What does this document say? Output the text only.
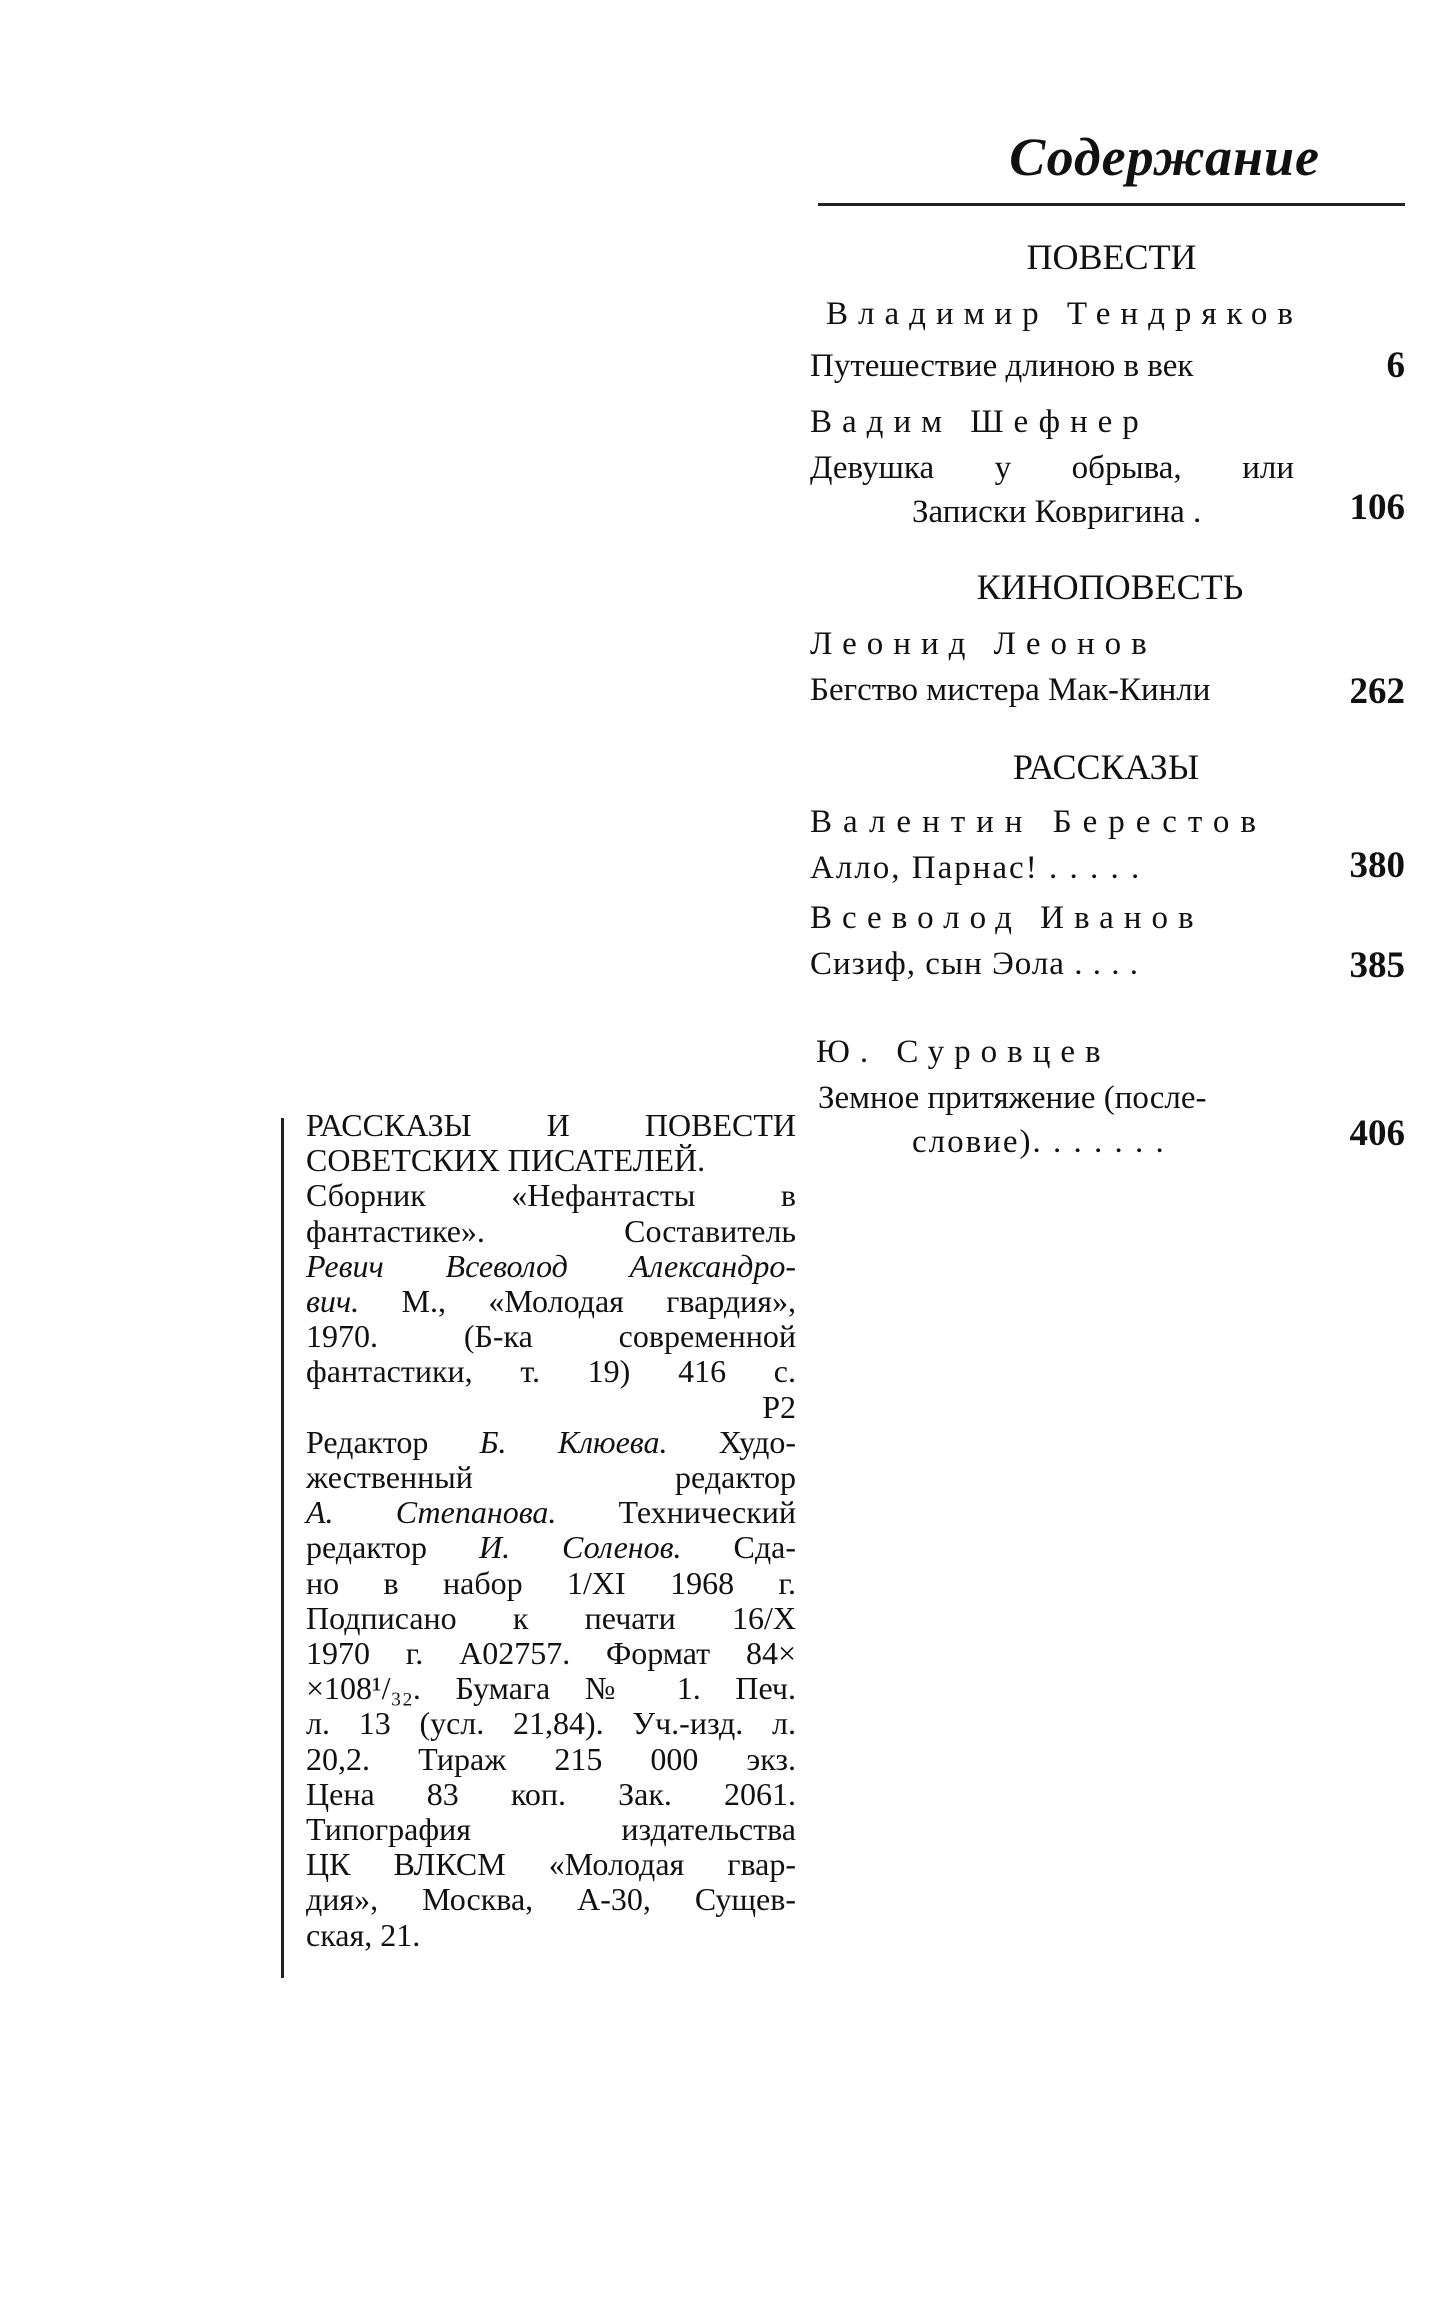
Содержание
ПОВЕСТИ
Владимир Тендряков
Путешествие длиною в век	6
Вадим Шефнер
Девушка у обрыва, или
Записки Ковригина .	106
КИНОПОВЕСТЬ
Леонид Леонов
Бегство мистера Мак-Кинли	262
РАССКАЗЫ
Валентин Берестов
Алло, Парнас! . . . . .	380
Всеволод Иванов
Сизиф, сын Эола . . . .	385
Ю. Суровцев
Земное притяжение (после-
словие). . . . . . .	406
РАССКАЗЫ И ПОВЕСТИ
СОВЕТСКИХ ПИСАТЕЛЕЙ.
Сборник «Нефантасты в
фантастике». Составитель
Ревич Всеволод Александро-
вич. М., «Молодая гвардия»,
1970. (Б-ка современной
фантастики, т. 19) 416 с.
Р2
Редактор Б. Клюева. Худо-
жественный редактор
А. Степанова. Технический
редактор И. Соленов. Сда-
но в набор 1/XI 1968 г.
Подписано к печати 16/X
1970 г. А02757. Формат 84×
×108¹/₃₂. Бумага № 1. Печ.
л. 13 (усл. 21,84). Уч.-изд. л.
20,2. Тираж 215 000 экз.
Цена 83 коп. Зак. 2061.
Типография издательства
ЦК ВЛКСМ «Молодая гвар-
дия», Москва, А-30, Сущев-
ская, 21.
